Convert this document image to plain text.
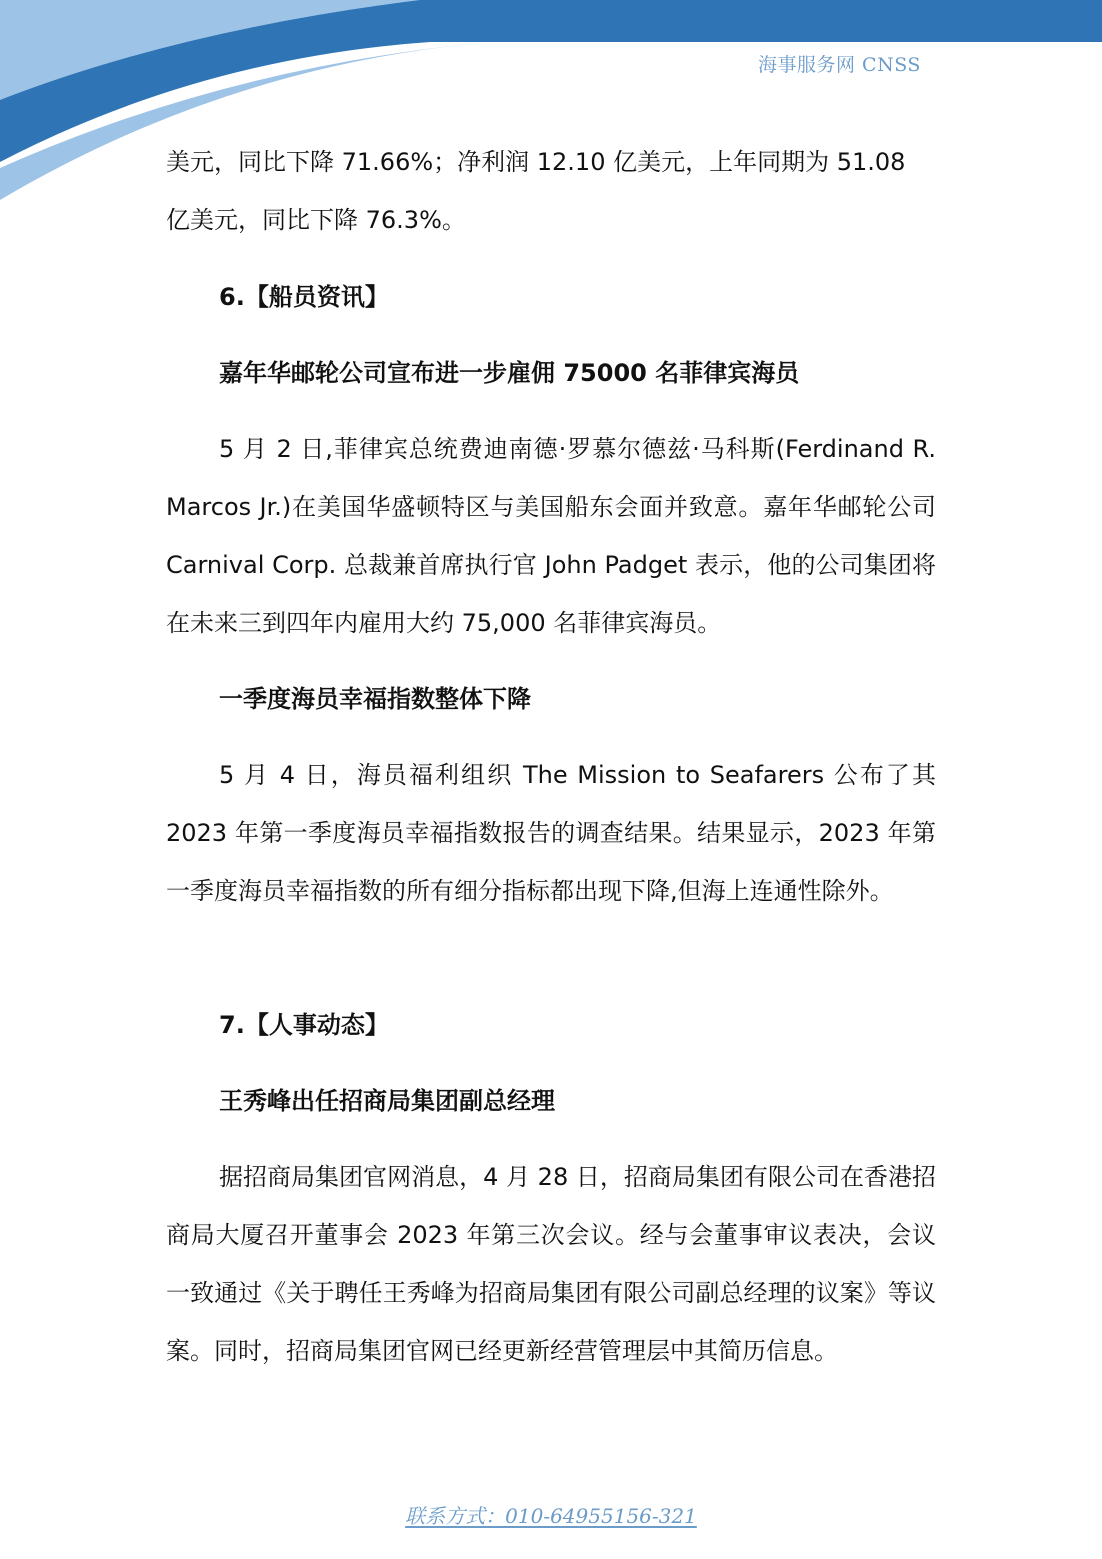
海事服务网 CNSS

美元，同比下降 71.66%；净利润 12.10 亿美元，上年同期为 51.08

亿美元，同比下降 76.3%。

6.【船员资讯】

嘉年华邮轮公司宣布进一步雇佣 75000 名菲律宾海员

5 月 2 日,菲律宾总统费迪南德·罗慕尔德兹·马科斯(Ferdinand R. Marcos Jr.)在美国华盛顿特区与美国船东会面并致意。嘉年华邮轮公司 Carnival Corp. 总裁兼首席执行官 John Padget 表示，他的公司集团将在未来三到四年内雇用大约 75,000 名菲律宾海员。

一季度海员幸福指数整体下降

5 月 4 日，海员福利组织 The Mission to Seafarers 公布了其 2023 年第一季度海员幸福指数报告的调查结果。结果显示，2023 年第一季度海员幸福指数的所有细分指标都出现下降,但海上连通性除外。

7.【人事动态】

王秀峰出任招商局集团副总经理

据招商局集团官网消息，4 月 28 日，招商局集团有限公司在香港招商局大厦召开董事会 2023 年第三次会议。经与会董事审议表决，会议一致通过《关于聘任王秀峰为招商局集团有限公司副总经理的议案》等议案。同时，招商局集团官网已经更新经营管理层中其简历信息。

联系方式：010-64955156-321
